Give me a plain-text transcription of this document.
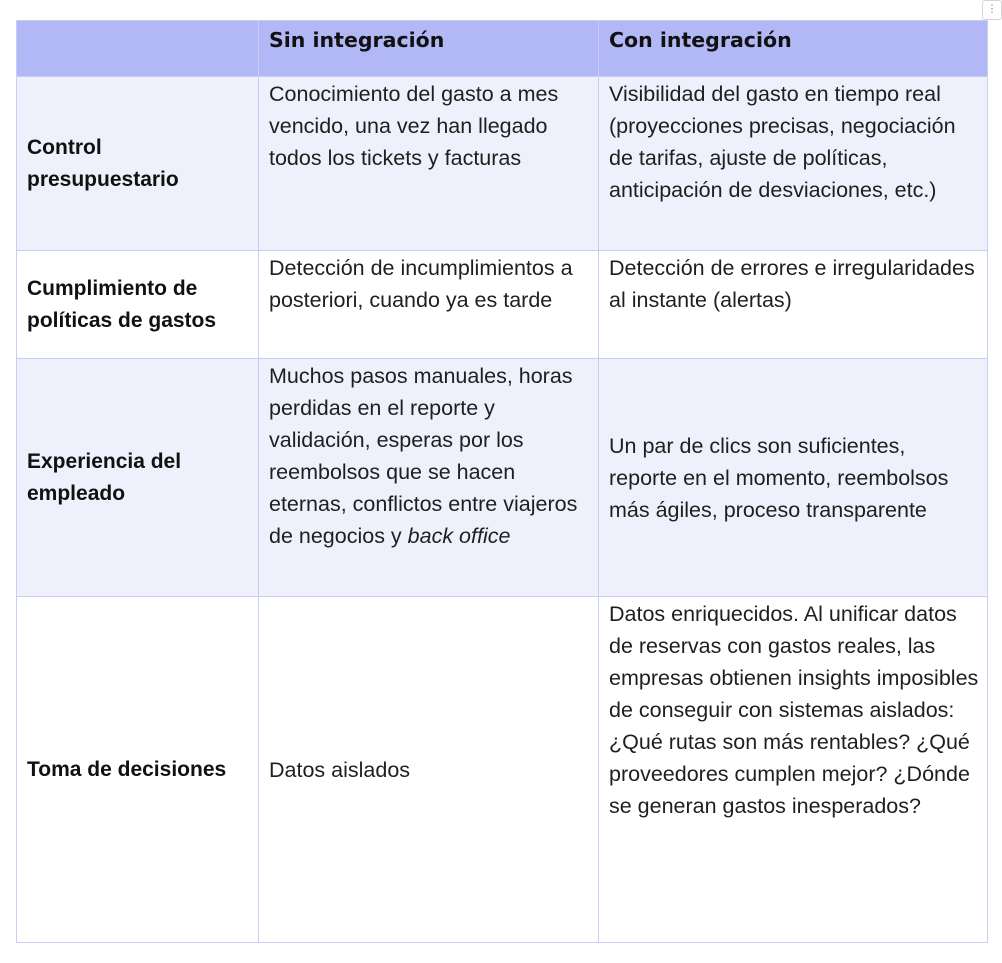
⋮
	Sin integración	Con integración
Control presupuestario	Conocimiento del gasto a mes vencido, una vez han llegado todos los tickets y facturas	Visibilidad del gasto en tiempo real (proyecciones precisas, negociación de tarifas, ajuste de políticas, anticipación de desviaciones, etc.)
Cumplimiento de políticas de gastos	Detección de incumplimientos a posteriori, cuando ya es tarde	Detección de errores e irregularidades al instante (alertas)
Experiencia del empleado	Muchos pasos manuales, horas perdidas en el reporte y validación, esperas por los reembolsos que se hacen eternas, conflictos entre viajeros de negocios y back office	Un par de clics son suficientes, reporte en el momento, reembolsos más ágiles, proceso transparente
Toma de decisiones	Datos aislados	Datos enriquecidos. Al unificar datos de reservas con gastos reales, las empresas obtienen insights imposibles de conseguir con sistemas aislados: ¿Qué rutas son más rentables? ¿Qué proveedores cumplen mejor? ¿Dónde se generan gastos inesperados?
